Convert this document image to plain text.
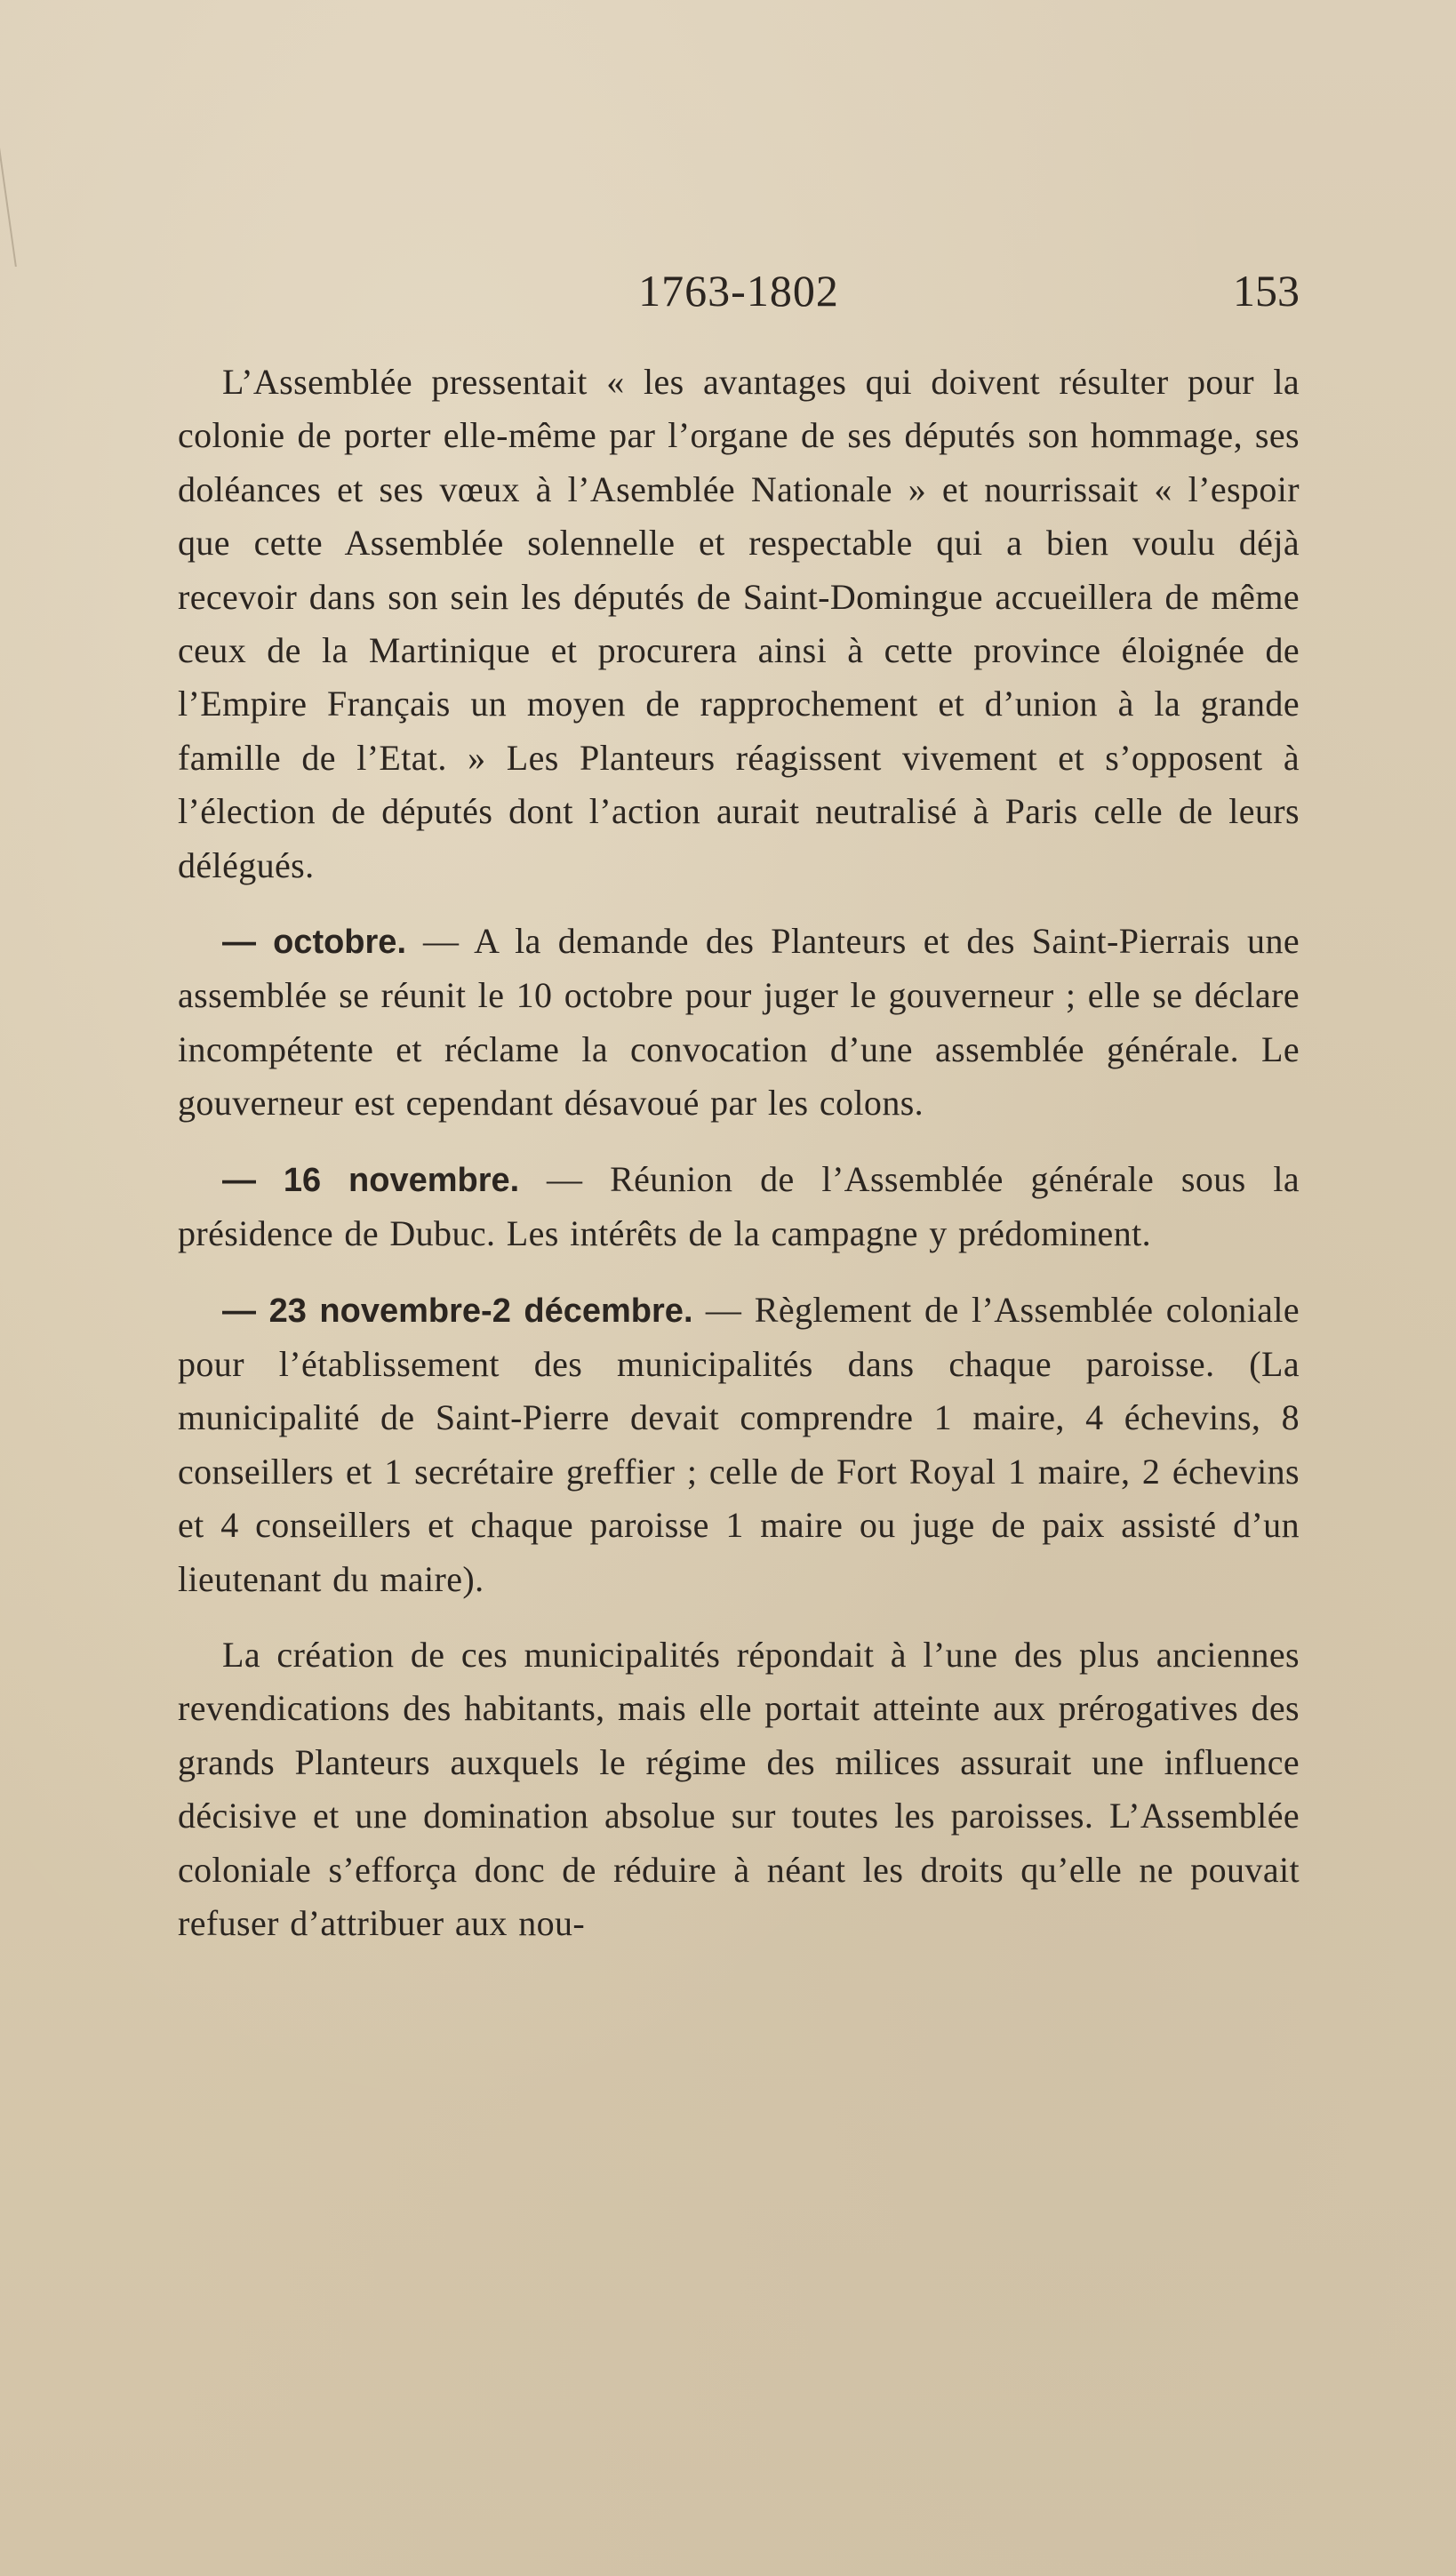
1763-1802	153

L’Assemblée pressentait « les avantages qui doivent résulter pour la colonie de porter elle-même par l’organe de ses députés son hommage, ses doléances et ses vœux à l’Asemblée Nationale » et nourrissait « l’espoir que cette Assemblée solennelle et respectable qui a bien voulu déjà recevoir dans son sein les députés de Saint-Domingue accueillera de même ceux de la Martinique et procurera ainsi à cette province éloignée de l’Empire Français un moyen de rapprochement et d’union à la grande famille de l’Etat. » Les Planteurs réagissent vivement et s’opposent à l’élection de députés dont l’action aurait neutralisé à Paris celle de leurs délégués.

— octobre. — A la demande des Planteurs et des Saint-Pierrais une assemblée se réunit le 10 octobre pour juger le gouverneur ; elle se déclare incompétente et réclame la convocation d’une assemblée générale. Le gouverneur est cependant désavoué par les colons.

— 16 novembre. — Réunion de l’Assemblée générale sous la présidence de Dubuc. Les intérêts de la campagne y prédominent.

— 23 novembre-2 décembre. — Règlement de l’Assemblée coloniale pour l’établissement des municipalités dans chaque paroisse. (La municipalité de Saint-Pierre devait comprendre 1 maire, 4 échevins, 8 conseillers et 1 secrétaire greffier ; celle de Fort Royal 1 maire, 2 échevins et 4 conseillers et chaque paroisse 1 maire ou juge de paix assisté d’un lieutenant du maire).

La création de ces municipalités répondait à l’une des plus anciennes revendications des habitants, mais elle portait atteinte aux prérogatives des grands Planteurs auxquels le régime des milices assurait une influence décisive et une domination absolue sur toutes les paroisses. L’Assemblée coloniale s’efforça donc de réduire à néant les droits qu’elle ne pouvait refuser d’attribuer aux nou-
